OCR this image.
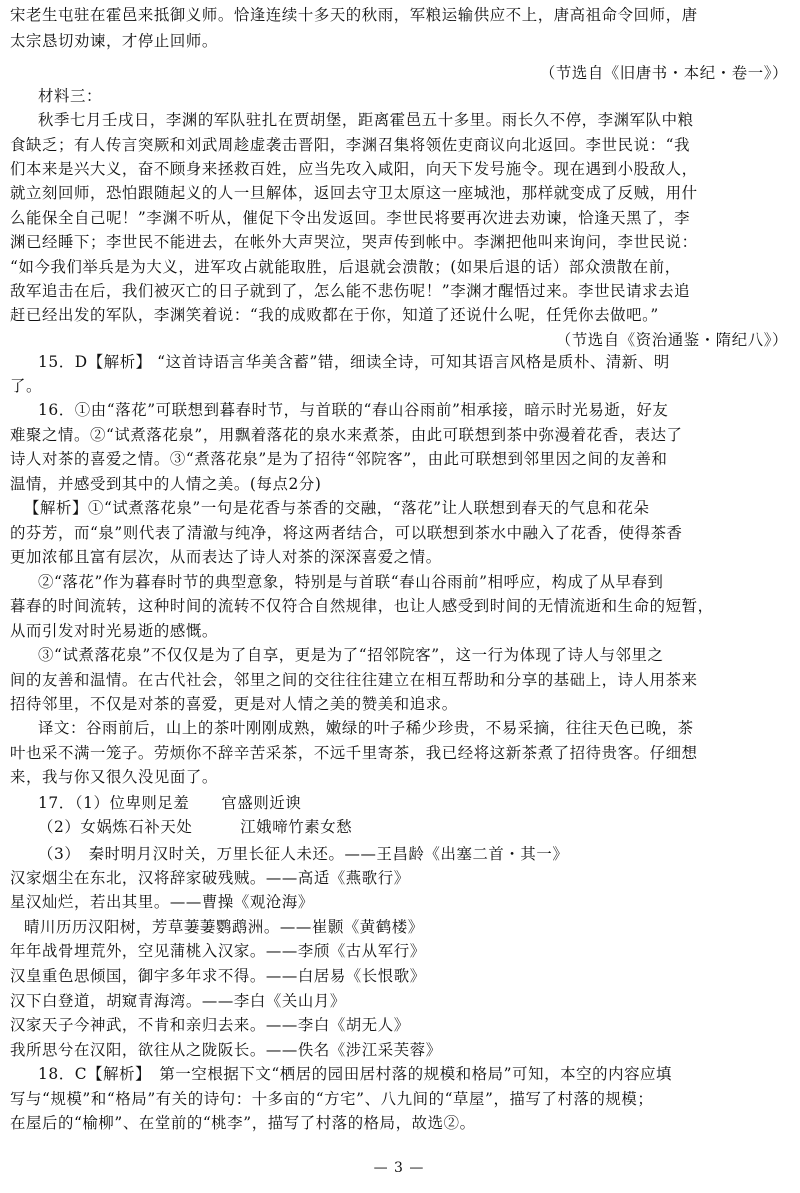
宋老生屯驻在霍邑来抵御义师。恰逢连续十多天的秋雨，军粮运输供应不上，唐高祖命令回师，唐
太宗恳切劝谏，才停止回师。
（节选自《旧唐书・本纪・卷一》）
材料三：
秋季七月壬戌日，李渊的军队驻扎在贾胡堡，距离霍邑五十多里。雨长久不停，李渊军队中粮
食缺乏；有人传言突厥和刘武周趁虚袭击晋阳，李渊召集将领佐吏商议向北返回。李世民说：“我
们本来是兴大义，奋不顾身来拯救百姓，应当先攻入咸阳，向天下发号施令。现在遇到小股敌人，
就立刻回师，恐怕跟随起义的人一旦解体，返回去守卫太原这一座城池，那样就变成了反贼，用什
么能保全自己呢！”李渊不听从，催促下令出发返回。李世民将要再次进去劝谏，恰逢天黑了，李
渊已经睡下；李世民不能进去，在帐外大声哭泣，哭声传到帐中。李渊把他叫来询问，李世民说：
“如今我们举兵是为大义，进军攻占就能取胜，后退就会溃散；(如果后退的话）部众溃散在前，
敌军追击在后，我们被灭亡的日子就到了，怎么能不悲伤呢！”李渊才醒悟过来。李世民请求去追
赶已经出发的军队，李渊笑着说：“我的成败都在于你，知道了还说什么呢，任凭你去做吧。”
（节选自《资治通鉴・隋纪八》）
15．D【解析】 “这首诗语言华美含蓄”错，细读全诗，可知其语言风格是质朴、清新、明
了。
16．①由“落花”可联想到暮春时节，与首联的“春山谷雨前”相承接，暗示时光易逝，好友
难聚之情。②“试煮落花泉”，用飘着落花的泉水来煮茶，由此可联想到茶中弥漫着花香，表达了
诗人对茶的喜爱之情。③“煮落花泉”是为了招待“邻院客”，由此可联想到邻里因之间的友善和
温情，并感受到其中的人情之美。(每点2分)
【解析】①“试煮落花泉”一句是花香与茶香的交融，“落花”让人联想到春天的气息和花朵
的芬芳，而“泉”则代表了清澈与纯净，将这两者结合，可以联想到茶水中融入了花香，使得茶香
更加浓郁且富有层次，从而表达了诗人对茶的深深喜爱之情。
②“落花”作为暮春时节的典型意象，特别是与首联“春山谷雨前”相呼应，构成了从早春到
暮春的时间流转，这种时间的流转不仅符合自然规律，也让人感受到时间的无情流逝和生命的短暂，
从而引发对时光易逝的感慨。
③“试煮落花泉”不仅仅是为了自享，更是为了“招邻院客”，这一行为体现了诗人与邻里之
间的友善和温情。在古代社会，邻里之间的交往往往建立在相互帮助和分享的基础上，诗人用茶来
招待邻里，不仅是对茶的喜爱，更是对人情之美的赞美和追求。
译文：谷雨前后，山上的茶叶刚刚成熟，嫩绿的叶子稀少珍贵，不易采摘，往往天色已晚，茶
叶也采不满一笼子。劳烦你不辞辛苦采茶，不远千里寄茶，我已经将这新茶煮了招待贵客。仔细想
来，我与你又很久没见面了。
17．（1）位卑则足羞　　官盛则近谀
（2）女娲炼石补天处　　　江娥啼竹素女愁
（3）　秦时明月汉时关，万里长征人未还。——王昌龄《出塞二首・其一》
汉家烟尘在东北，汉将辞家破残贼。——高适《燕歌行》
星汉灿烂，若出其里。——曹操《观沧海》
晴川历历汉阳树，芳草萋萋鹦鹉洲。——崔颢《黄鹤楼》
年年战骨埋荒外，空见蒲桃入汉家。——李颀《古从军行》
汉皇重色思倾国，御宇多年求不得。——白居易《长恨歌》
汉下白登道，胡窥青海湾。——李白《关山月》
汉家天子今神武，不肯和亲归去来。——李白《胡无人》
我所思兮在汉阳，欲往从之陇阪长。——佚名《涉江采芙蓉》
18．C【解析】　第一空根据下文“栖居的园田居村落的规模和格局”可知，本空的内容应填
写与“规模”和“格局”有关的诗句：十多亩的“方宅”、八九间的“草屋”，描写了村落的规模；
在屋后的“榆柳”、在堂前的“桃李”，描写了村落的格局，故选②。
— 3 —
